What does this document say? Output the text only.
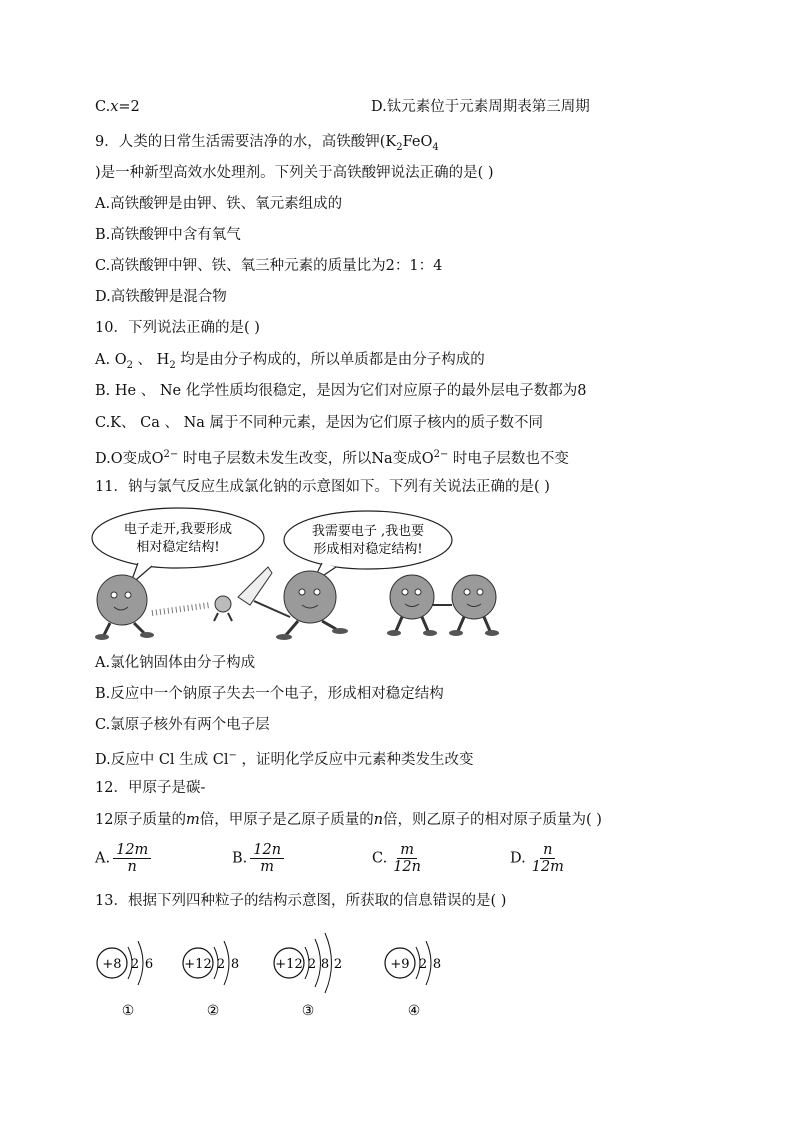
C.x=2	D.钛元素位于元素周期表第三周期
9．人类的日常生活需要洁净的水，高铁酸钾($K_2FeO_4$
)是一种新型高效水处理剂。下列关于高铁酸钾说法正确的是( )
A.高铁酸钾是由钾、铁、氧元素组成的
B.高铁酸钾中含有氧气
C.高铁酸钾中钾、铁、氧三种元素的质量比为2：1：4
D.高铁酸钾是混合物
10．下列说法正确的是( )
A. $O_2$ 、 $H_2$ 均是由分子构成的，所以单质都是由分子构成的
B. He 、 Ne 化学性质均很稳定，是因为它们对应原子的最外层电子数都为8
C.K、 Ca 、 Na 属于不同种元素，是因为它们原子核内的质子数不同
D.O变成$O^{2-}$ 时电子层数未发生改变，所以Na变成$O^{2-}$ 时电子层数也不变
11．钠与氯气反应生成氯化钠的示意图如下。下列有关说法正确的是( )
电子走开,我要形成
相对稳定结构!
我需要电子 ,我也要
形成相对稳定结构!
A.氯化钠固体由分子构成
B.反应中一个钠原子失去一个电子，形成相对稳定结构
C.氯原子核外有两个电子层
D.反应中 Cl 生成 Cl− ，证明化学反应中元素种类发生改变
12．甲原子是碳-
12原子质量的m倍，甲原子是乙原子质量的n倍，则乙原子的相对原子质量为( )
A. $\frac{12m}{n}$	B. $\frac{12n}{m}$	C. $\frac{m}{12n}$	D. $\frac{n}{12m}$
13．根据下列四种粒子的结构示意图，所获取的信息错误的是( )
+8 2 6
①
+12 2 8
②
+12 2 8 2
③
+9 2 8
④
